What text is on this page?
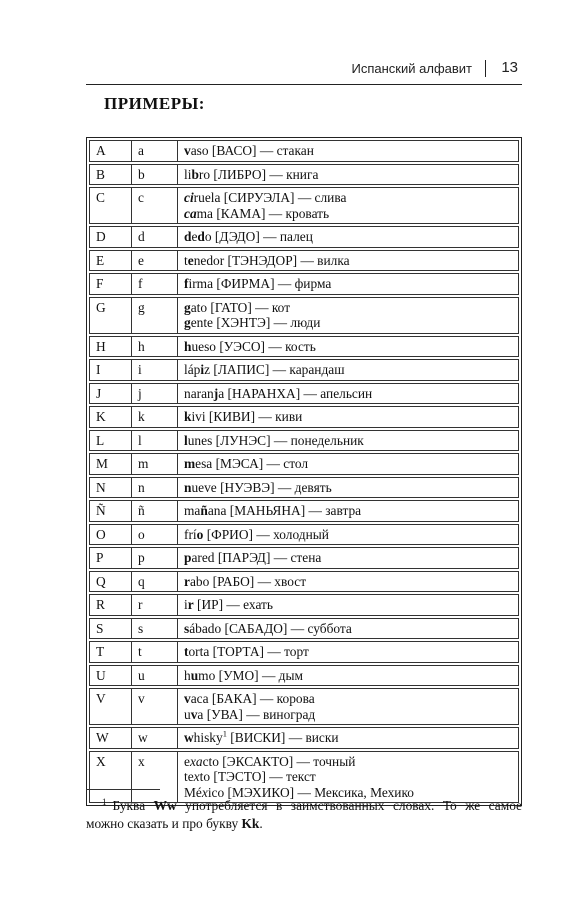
Испанский алфавит 13
ПРИМЕРЫ:
A	a	vaso [ВАСО] — стакан
B	b	libro [ЛИБРО] — книга
C	c	ciruela [СИРУЭЛА] — слива
cama [КАМА] — кровать
D	d	dedo [ДЭДО] — палец
E	e	tenedor [ТЭНЭДОР] — вилка
F	f	firma [ФИРМА] — фирма
G	g	gato [ГАТО] — кот
gente [ХЭНТЭ] — люди
H	h	hueso [УЭСО] — кость
I	i	lápiz [ЛАПИС] — карандаш
J	j	naranja [НАРАНХА] — апельсин
K	k	kivi [КИВИ] — киви
L	l	lunes [ЛУНЭС] — понедельник
M	m	mesa [МЭСА] — стол
N	n	nueve [НУЭВЭ] — девять
Ñ	ñ	mañana [МАНЬЯНА] — завтра
O	o	frío [ФРИО] — холодный
P	p	pared [ПАРЭД] — стена
Q	q	rabo [РАБО] — хвост
R	r	ir [ИР] — ехать
S	s	sábado [САБАДО] — суббота
T	t	torta [ТОРТА] — торт
U	u	humo [УМО] — дым
V	v	vaca [БАКА] — корова
uva [УВА] — виноград
W	w	whisky$^1$ [ВИСКИ] — виски
X	x	exacto [ЭКСАКТО] — точный
texto [ТЭСТО] — текст
México [МЭХИКО] — Мексика, Мехико
$^1$ Буква Ww употребляется в заимствованных словах. То же самое можно сказать и про букву Kk.
